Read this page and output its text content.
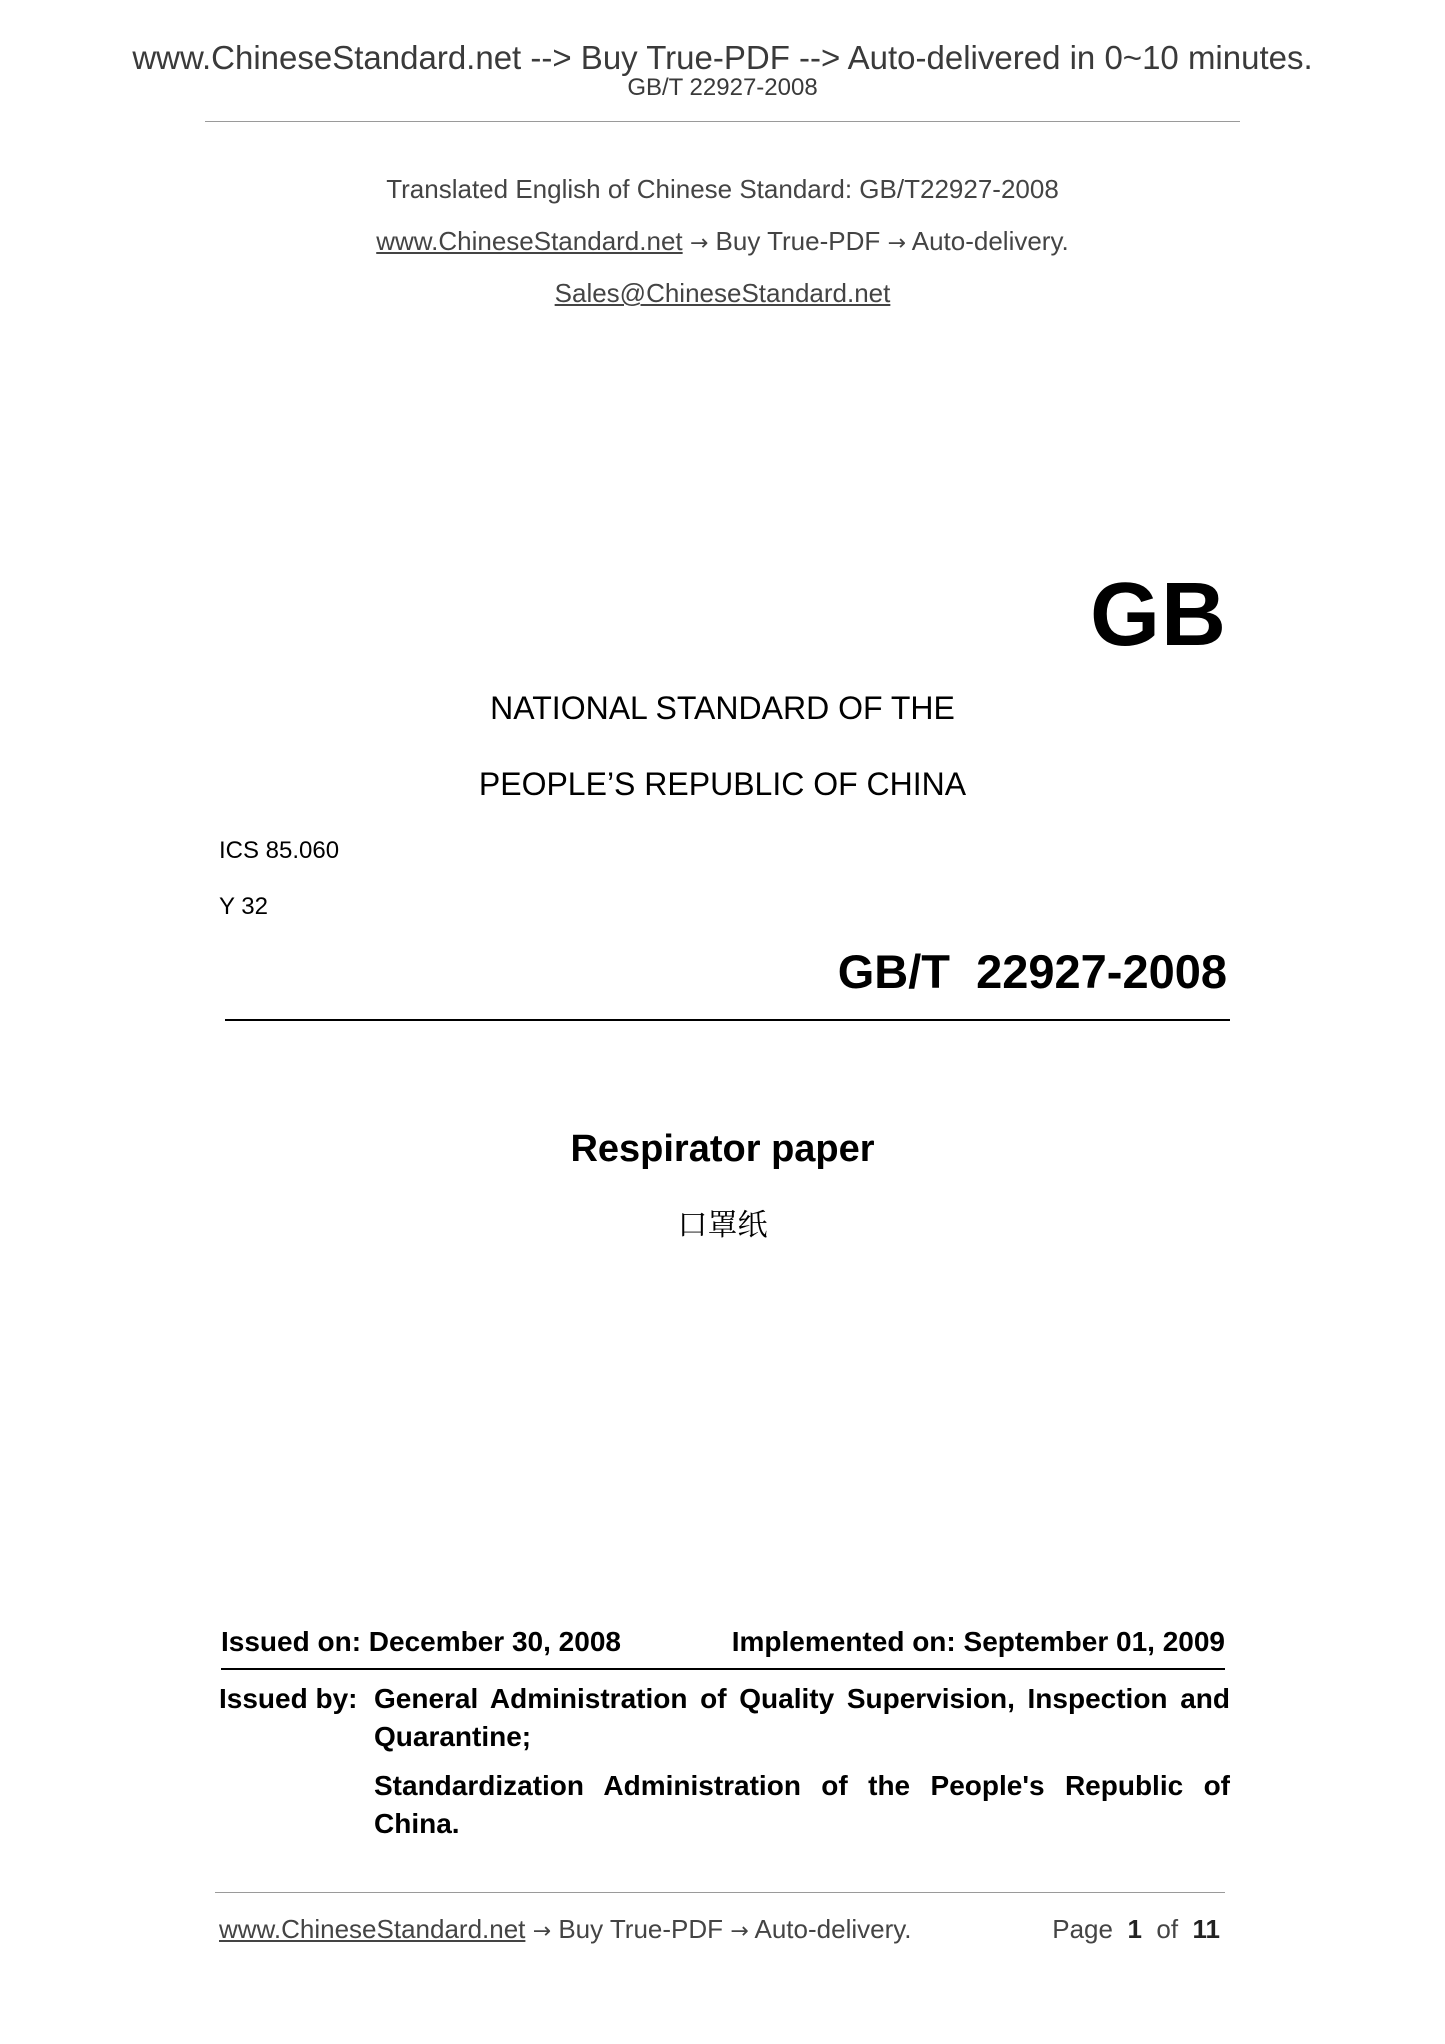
www.ChineseStandard.net --> Buy True-PDF --> Auto-delivered in 0~10 minutes.
GB/T 22927-2008
Translated English of Chinese Standard: GB/T22927-2008
www.ChineseStandard.net → Buy True-PDF → Auto-delivery.
Sales@ChineseStandard.net
GB
NATIONAL STANDARD OF THE
PEOPLE’S REPUBLIC OF CHINA
ICS 85.060
Y 32
GB/T 22927-2008
Respirator paper
口罩纸
Issued on: December 30, 2008	Implemented on: September 01, 2009
Issued by: General Administration of Quality Supervision, Inspection and Quarantine;
Standardization Administration of the People's Republic of China.
www.ChineseStandard.net → Buy True-PDF → Auto-delivery.	Page 1 of 11
